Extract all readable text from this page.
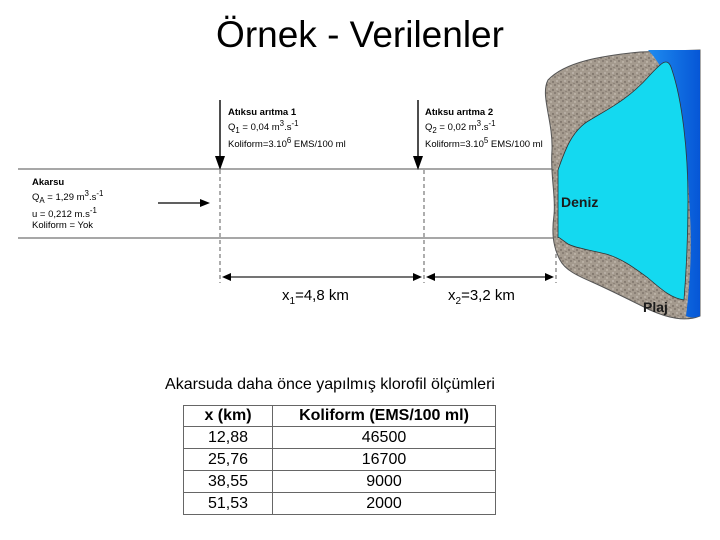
Örnek - Verilenler
Akarsu
$Q_A = 1,29$ $m^3.s^{-1}$
u = 0,212 $m.s^{-1}$
Koliform = Yok
Atıksu arıtma 1
$Q_1 = 0,04$ $m^3.s^{-1}$
$Koliform=3.10^6$ EMS/100 ml
Atıksu arıtma 2
$Q_2 = 0,02$ $m^3.s^{-1}$
$Koliform=3.10^5$ EMS/100 ml
$x_1=4,8$ km	$x_2=3,2$ km
Deniz
Plaj
Akarsuda daha önce yapılmış klorofil ölçümleri
x (km)	Koliform (EMS/100 ml)
12,88	46500
25,76	16700
38,55	9000
51,53	2000
